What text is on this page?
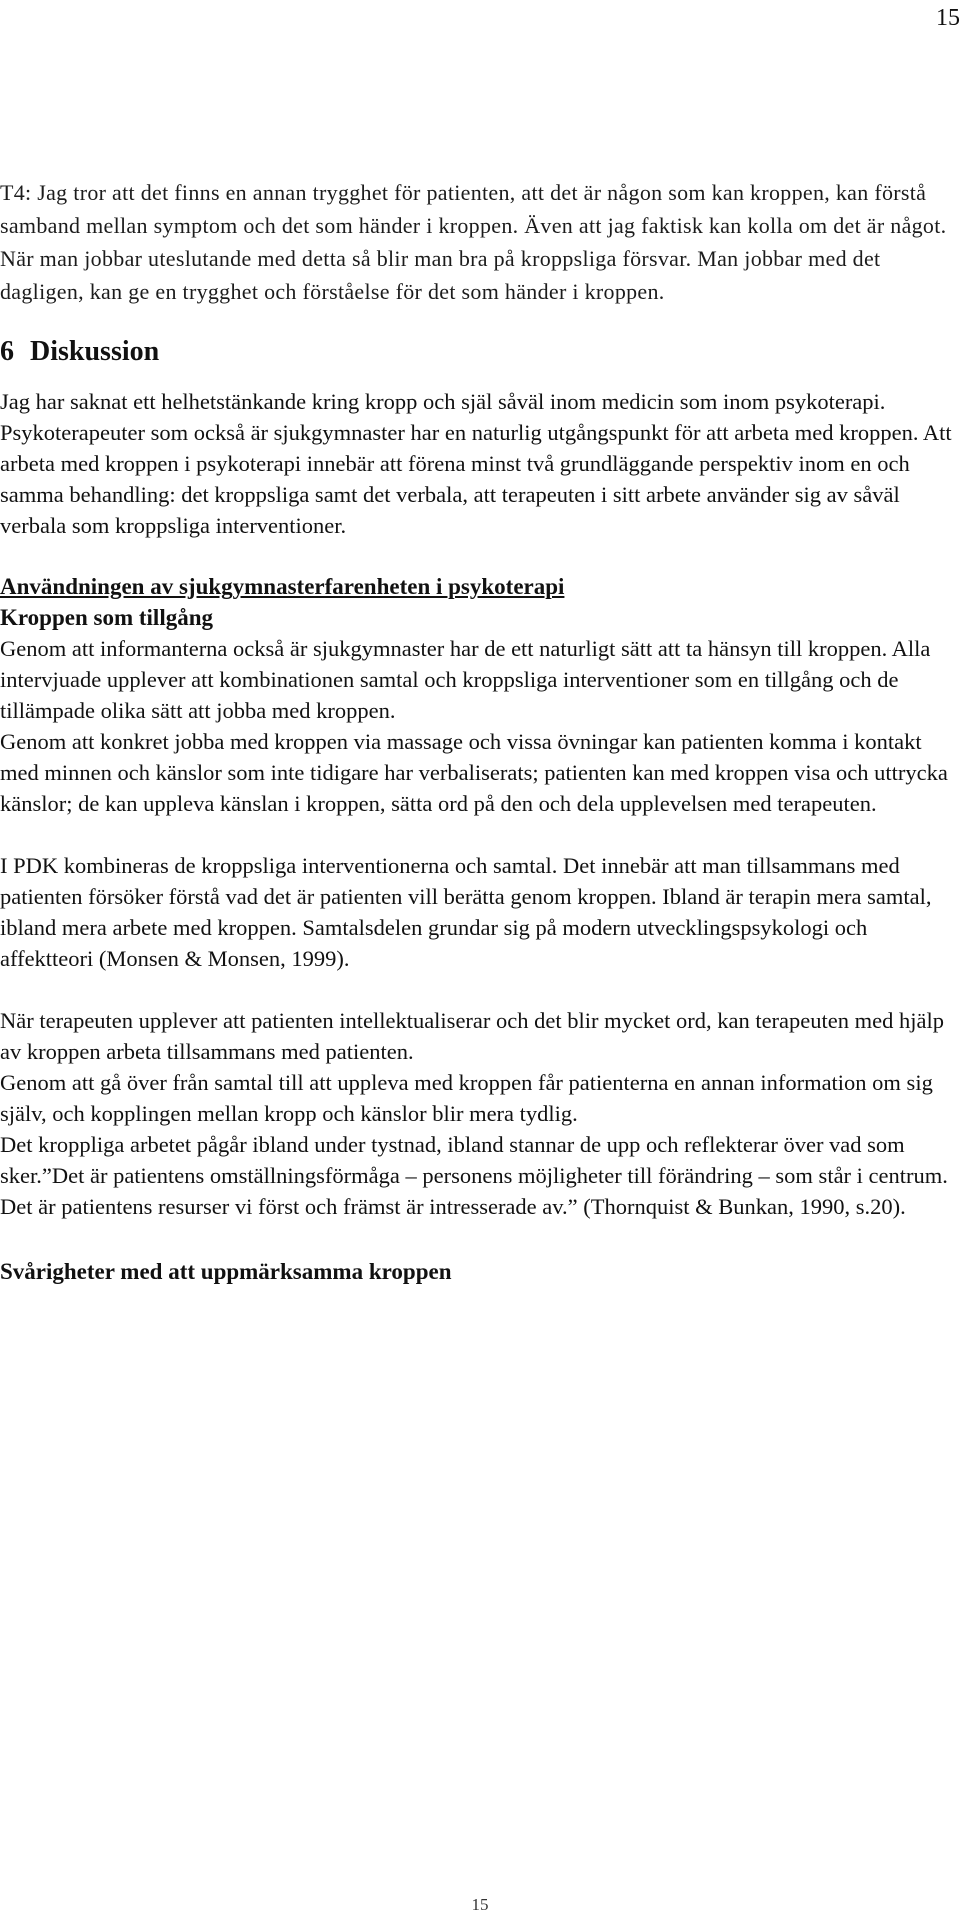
15

T4: Jag tror att det finns en annan trygghet för patienten, att det är någon som kan kroppen, kan förstå samband mellan symptom och det som händer i kroppen. Även att jag faktisk kan kolla om det är något. När man jobbar uteslutande med detta så blir man bra på kroppsliga försvar. Man jobbar med det dagligen, kan ge en trygghet och förståelse för det som händer i kroppen.

6 Diskussion

Jag har saknat ett helhetstänkande kring kropp och själ såväl inom medicin som inom psykoterapi. Psykoterapeuter som också är sjukgymnaster har en naturlig utgångspunkt för att arbeta med kroppen. Att arbeta med kroppen i psykoterapi innebär att förena minst två grundläggande perspektiv inom en och samma behandling: det kroppsliga samt det verbala, att terapeuten i sitt arbete använder sig av såväl verbala som kroppsliga interventioner.

Användningen av sjukgymnasterfarenheten i psykoterapi
Kroppen som tillgång

Genom att informanterna också är sjukgymnaster har de ett naturligt sätt att ta hänsyn till kroppen. Alla intervjuade upplever att kombinationen samtal och kroppsliga interventioner som en tillgång och de tillämpade olika sätt att jobba med kroppen.

Genom att konkret jobba med kroppen via massage och vissa övningar kan patienten komma i kontakt med minnen och känslor som inte tidigare har verbaliserats; patienten kan med kroppen visa och uttrycka känslor; de kan uppleva känslan i kroppen, sätta ord på den och dela upplevelsen med terapeuten.

I PDK kombineras de kroppsliga interventionerna och samtal. Det innebär att man tillsammans med patienten försöker förstå vad det är patienten vill berätta genom kroppen. Ibland är terapin mera samtal, ibland mera arbete med kroppen. Samtalsdelen grundar sig på modern utvecklingspsykologi och affektteori (Monsen & Monsen, 1999).

När terapeuten upplever att patienten intellektualiserar och det blir mycket ord, kan terapeuten med hjälp av kroppen arbeta tillsammans med patienten.

Genom att gå över från samtal till att uppleva med kroppen får patienterna en annan information om sig själv, och kopplingen mellan kropp och känslor blir mera tydlig.

Det kroppliga arbetet pågår ibland under tystnad, ibland stannar de upp och reflekterar över vad som sker.”Det är patientens omställningsförmåga – personens möjligheter till förändring – som står i centrum. Det är patientens resurser vi först och främst är intresserade av.” (Thornquist & Bunkan, 1990, s.20).

Svårigheter med att uppmärksamma kroppen
15
